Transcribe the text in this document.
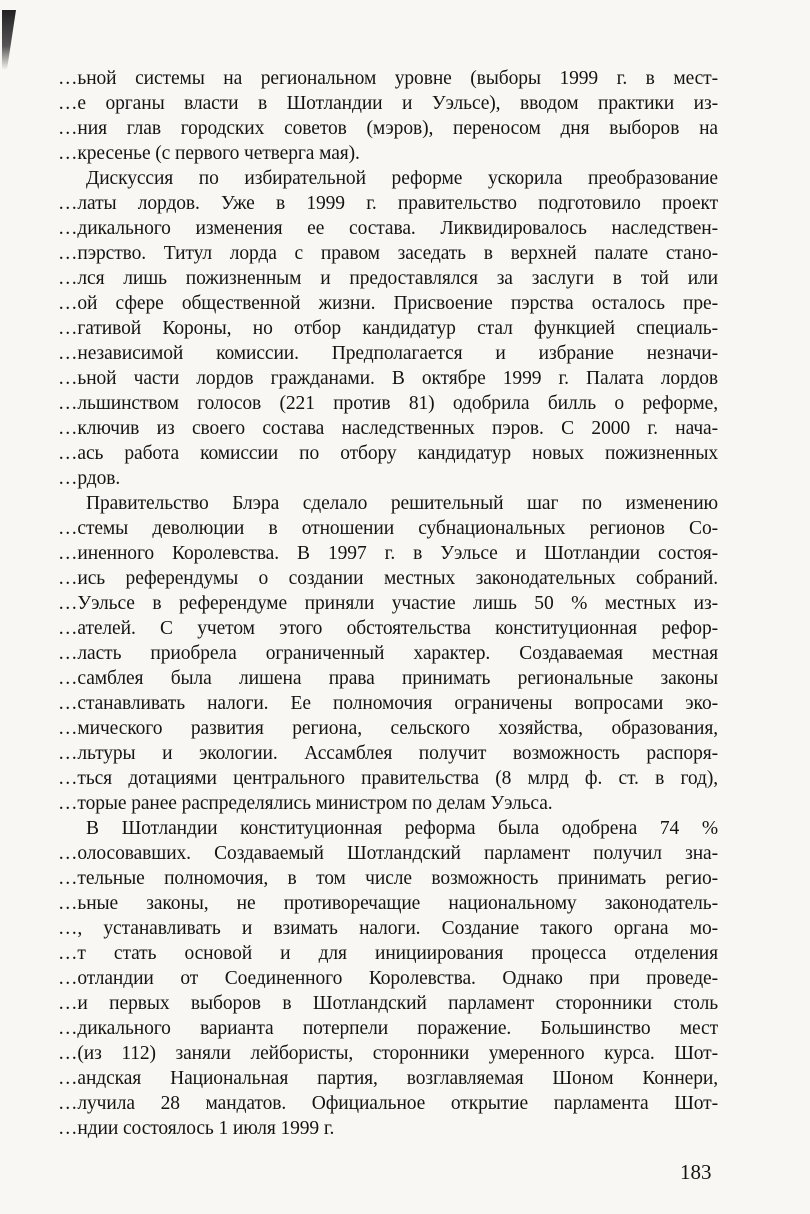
…ьной системы на региональном уровне (выборы 1999 г. в мест-
…е органы власти в Шотландии и Уэльсе), вводом практики из-
…ния глав городских советов (мэров), переносом дня выборов на
…кресенье (с первого четверга мая).
Дискуссия по избирательной реформе ускорила преобразование
…латы лордов. Уже в 1999 г. правительство подготовило проект
…дикального изменения ее состава. Ликвидировалось наследствен-
…пэрство. Титул лорда с правом заседать в верхней палате стано-
…лся лишь пожизненным и предоставлялся за заслуги в той или
…ой сфере общественной жизни. Присвоение пэрства осталось пре-
…гативой Короны, но отбор кандидатур стал функцией специаль-
…независимой комиссии. Предполагается и избрание незначи-
…ьной части лордов гражданами. В октябре 1999 г. Палата лордов
…льшинством голосов (221 против 81) одобрила билль о реформе,
…ключив из своего состава наследственных пэров. С 2000 г. нача-
…ась работа комиссии по отбору кандидатур новых пожизненных
…рдов.
Правительство Блэра сделало решительный шаг по изменению
…стемы деволюции в отношении субнациональных регионов Со-
…иненного Королевства. В 1997 г. в Уэльсе и Шотландии состоя-
…ись референдумы о создании местных законодательных собраний.
…Уэльсе в референдуме приняли участие лишь 50 % местных из-
…ателей. С учетом этого обстоятельства конституционная рефор-
…ласть приобрела ограниченный характер. Создаваемая местная
…самблея была лишена права принимать региональные законы
…станавливать налоги. Ее полномочия ограничены вопросами эко-
…мического развития региона, сельского хозяйства, образования,
…льтуры и экологии. Ассамблея получит возможность распоря-
…ться дотациями центрального правительства (8 млрд ф. ст. в год),
…торые ранее распределялись министром по делам Уэльса.
В Шотландии конституционная реформа была одобрена 74 %
…олосовавших. Создаваемый Шотландский парламент получил зна-
…тельные полномочия, в том числе возможность принимать регио-
…ьные законы, не противоречащие национальному законодатель-
…, устанавливать и взимать налоги. Создание такого органа мо-
…т стать основой и для инициирования процесса отделения
…отландии от Соединенного Королевства. Однако при проведе-
…и первых выборов в Шотландский парламент сторонники столь
…дикального варианта потерпели поражение. Большинство мест
…(из 112) заняли лейбористы, сторонники умеренного курса. Шот-
…андская Национальная партия, возглавляемая Шоном Коннери,
…лучила 28 мандатов. Официальное открытие парламента Шот-
…ндии состоялось 1 июля 1999 г.
183
